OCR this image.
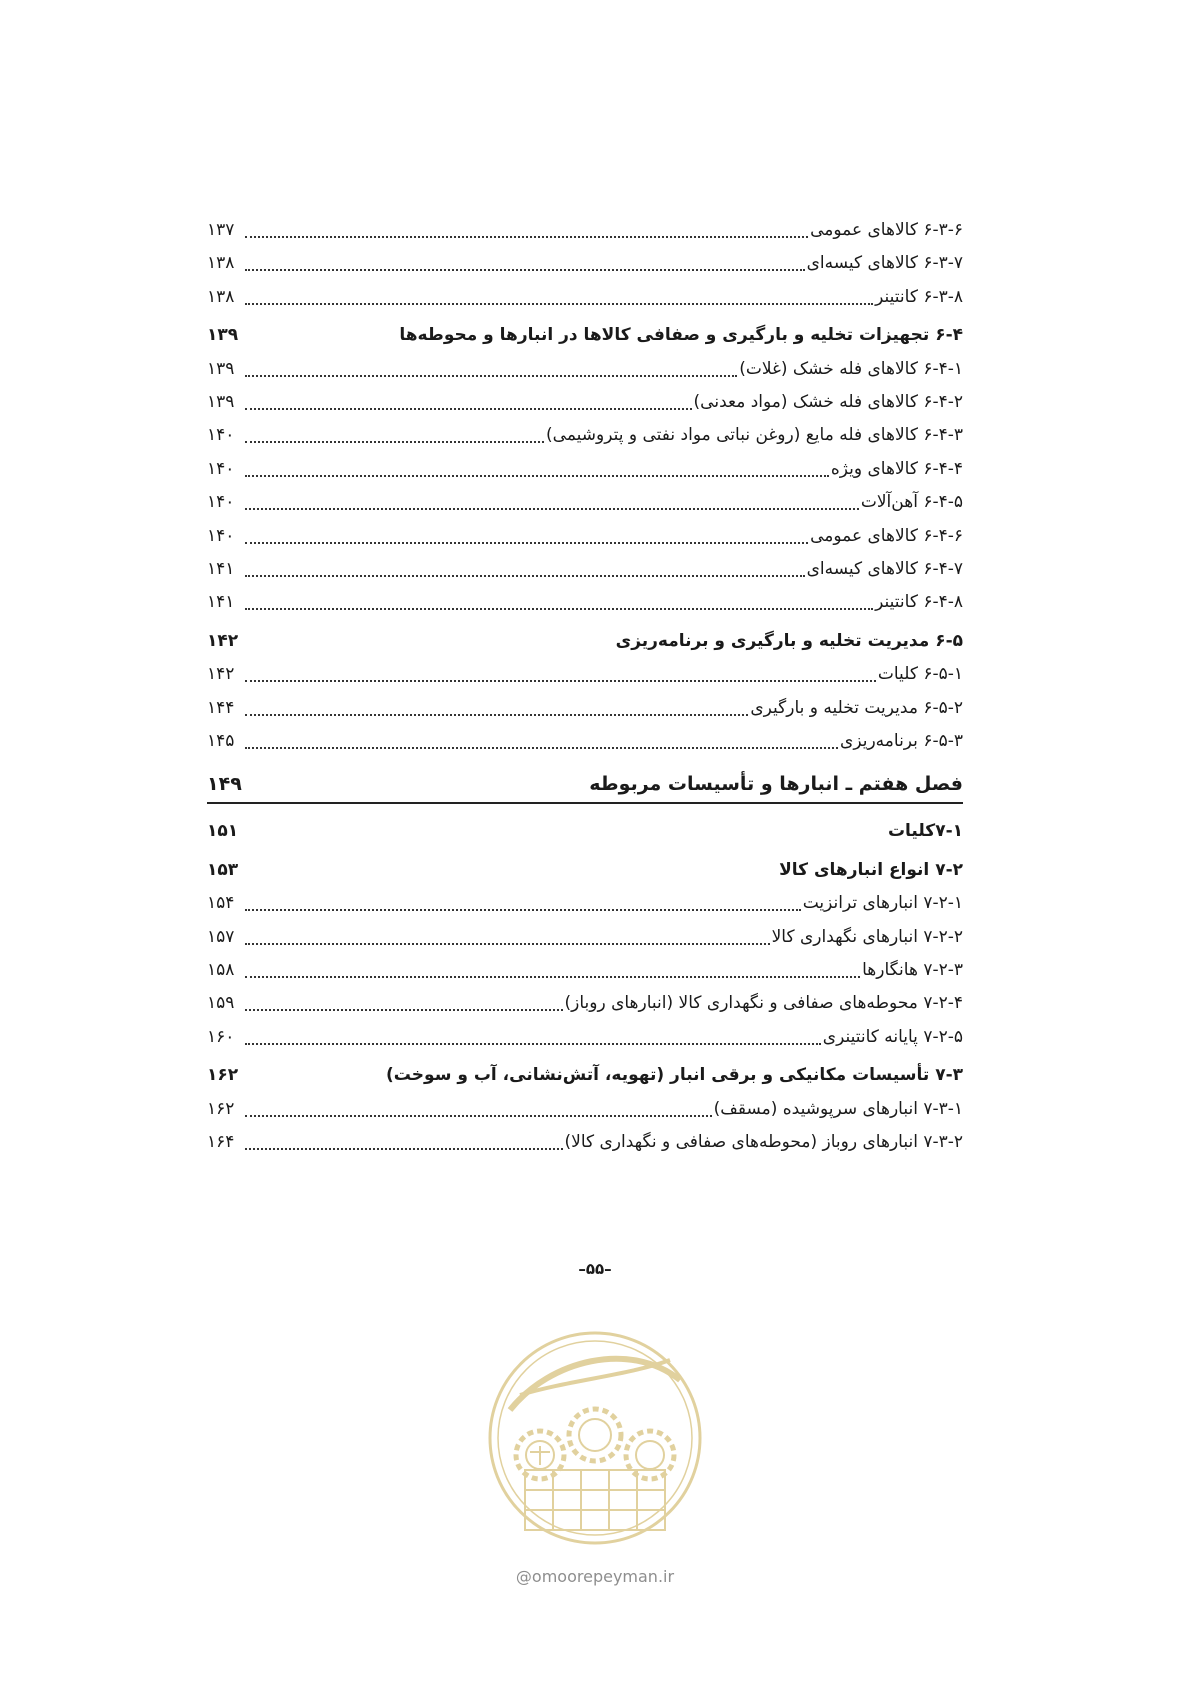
۶-۳-۶ کالاهای عمومی
۱۳۷
۶-۳-۷ کالاهای کیسه‌ای
۱۳۸
۶-۳-۸ کانتینر
۱۳۸
۶-۴ تجهیزات تخلیه و بارگیری و صفافی کالاها در انبارها و محوطه‌ها
۱۳۹
۶-۴-۱ کالاهای فله خشک (غلات)
۱۳۹
۶-۴-۲ کالاهای فله خشک (مواد معدنی)
۱۳۹
۶-۴-۳ کالاهای فله مایع (روغن نباتی مواد نفتی و پتروشیمی)
۱۴۰
۶-۴-۴ کالاهای ویژه
۱۴۰
۶-۴-۵ آهن‌آلات
۱۴۰
۶-۴-۶ کالاهای عمومی
۱۴۰
۶-۴-۷ کالاهای کیسه‌ای
۱۴۱
۶-۴-۸ کانتینر
۱۴۱
۶-۵ مدیریت تخلیه و بارگیری و برنامه‌ریزی
۱۴۲
۶-۵-۱ کلیات
۱۴۲
۶-۵-۲ مدیریت تخلیه و بارگیری
۱۴۴
۶-۵-۳ برنامه‌ریزی
۱۴۵
فصل هفتم ـ انبارها و تأسیسات مربوطه
۱۴۹
۷-۱کلیات
۱۵۱
۷-۲ انواع انبارهای کالا
۱۵۳
۷-۲-۱ انبارهای ترانزیت
۱۵۴
۷-۲-۲ انبارهای نگهداری کالا
۱۵۷
۷-۲-۳ هانگارها
۱۵۸
۷-۲-۴ محوطه‌های صفافی و نگهداری کالا (انبارهای روباز)
۱۵۹
۷-۲-۵ پایانه کانتینری
۱۶۰
۷-۳ تأسیسات مکانیکی و برقی انبار (تهویه، آتش‌نشانی، آب و سوخت)
۱۶۲
۷-۳-۱ انبارهای سرپوشیده (مسقف)
۱۶۲
۷-۳-۲ انبارهای روباز (محوطه‌های صفافی و نگهداری کالا)
۱۶۴
–۵۵–
@omoorepeyman.ir
